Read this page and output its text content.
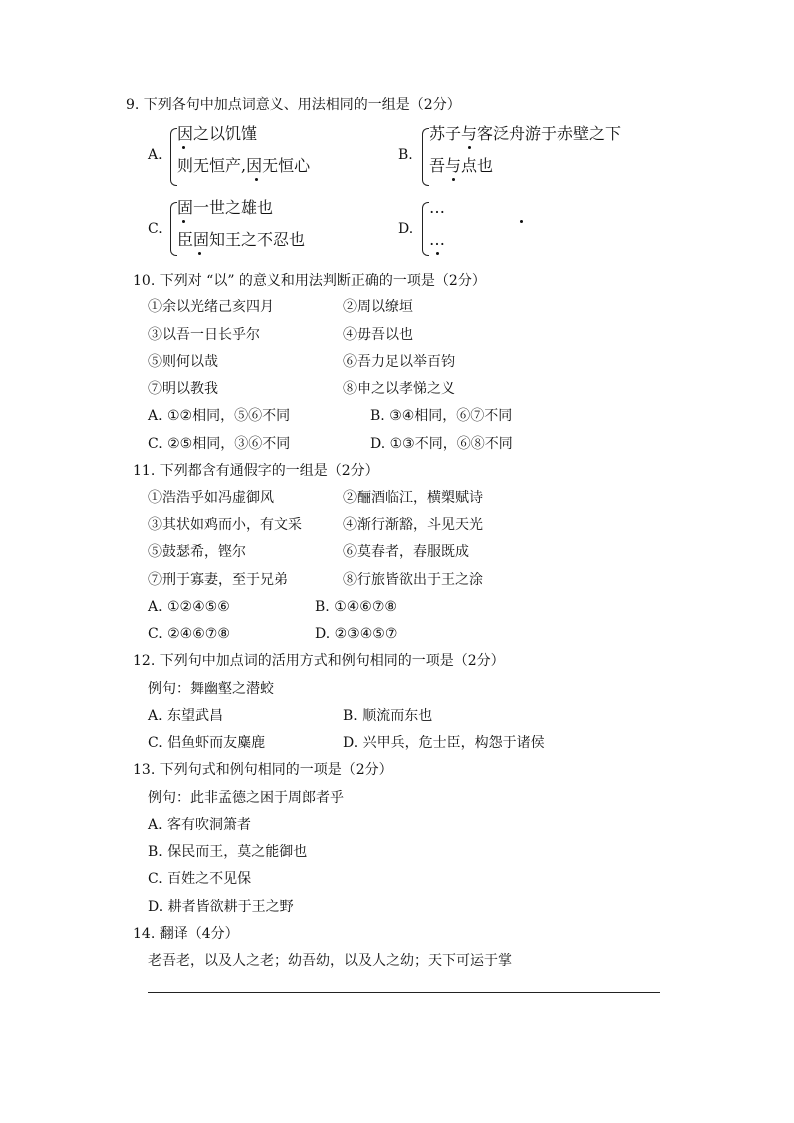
9. 下列各句中加点词意义、用法相同的一组是（2分）
A.
因之以饥馑
则无恒产,因无恒心
B.
苏子与客泛舟游于赤壁之下
吾与点也
C.
固一世之雄也
臣固知王之不忍也
D.
…
…
10. 下列对 “以” 的意义和用法判断正确的一项是（2分）
①余以光绪己亥四月	②周以缭垣
③以吾一日长乎尔	④毋吾以也
⑤则何以哉	⑥吾力足以举百钧
⑦明以教我	⑧申之以孝悌之义
A. ①②相同，⑤⑥不同	B. ③④相同，⑥⑦不同
C. ②⑤相同，③⑥不同	D. ①③不同，⑥⑧不同
11. 下列都含有通假字的一组是（2分）
①浩浩乎如冯虚御风	②酾酒临江，横槊赋诗
③其状如鸡而小，有文采	④渐行渐豁，斗见天光
⑤鼓瑟希，铿尔	⑥莫春者，春服既成
⑦刑于寡妻，至于兄弟	⑧行旅皆欲出于王之涂
A. ①②④⑤⑥	B. ①④⑥⑦⑧
C. ②④⑥⑦⑧	D. ②③④⑤⑦
12. 下列句中加点词的活用方式和例句相同的一项是（2分）
例句：舞幽壑之潜蛟
A. 东望武昌	B. 顺流而东也
C. 侣鱼虾而友麋鹿	D. 兴甲兵，危士臣，构怨于诸侯
13. 下列句式和例句相同的一项是（2分）
例句：此非孟德之困于周郎者乎
A. 客有吹洞箫者
B. 保民而王，莫之能御也
C. 百姓之不见保
D. 耕者皆欲耕于王之野
14. 翻译（4分）
老吾老，以及人之老；幼吾幼，以及人之幼；天下可运于掌
